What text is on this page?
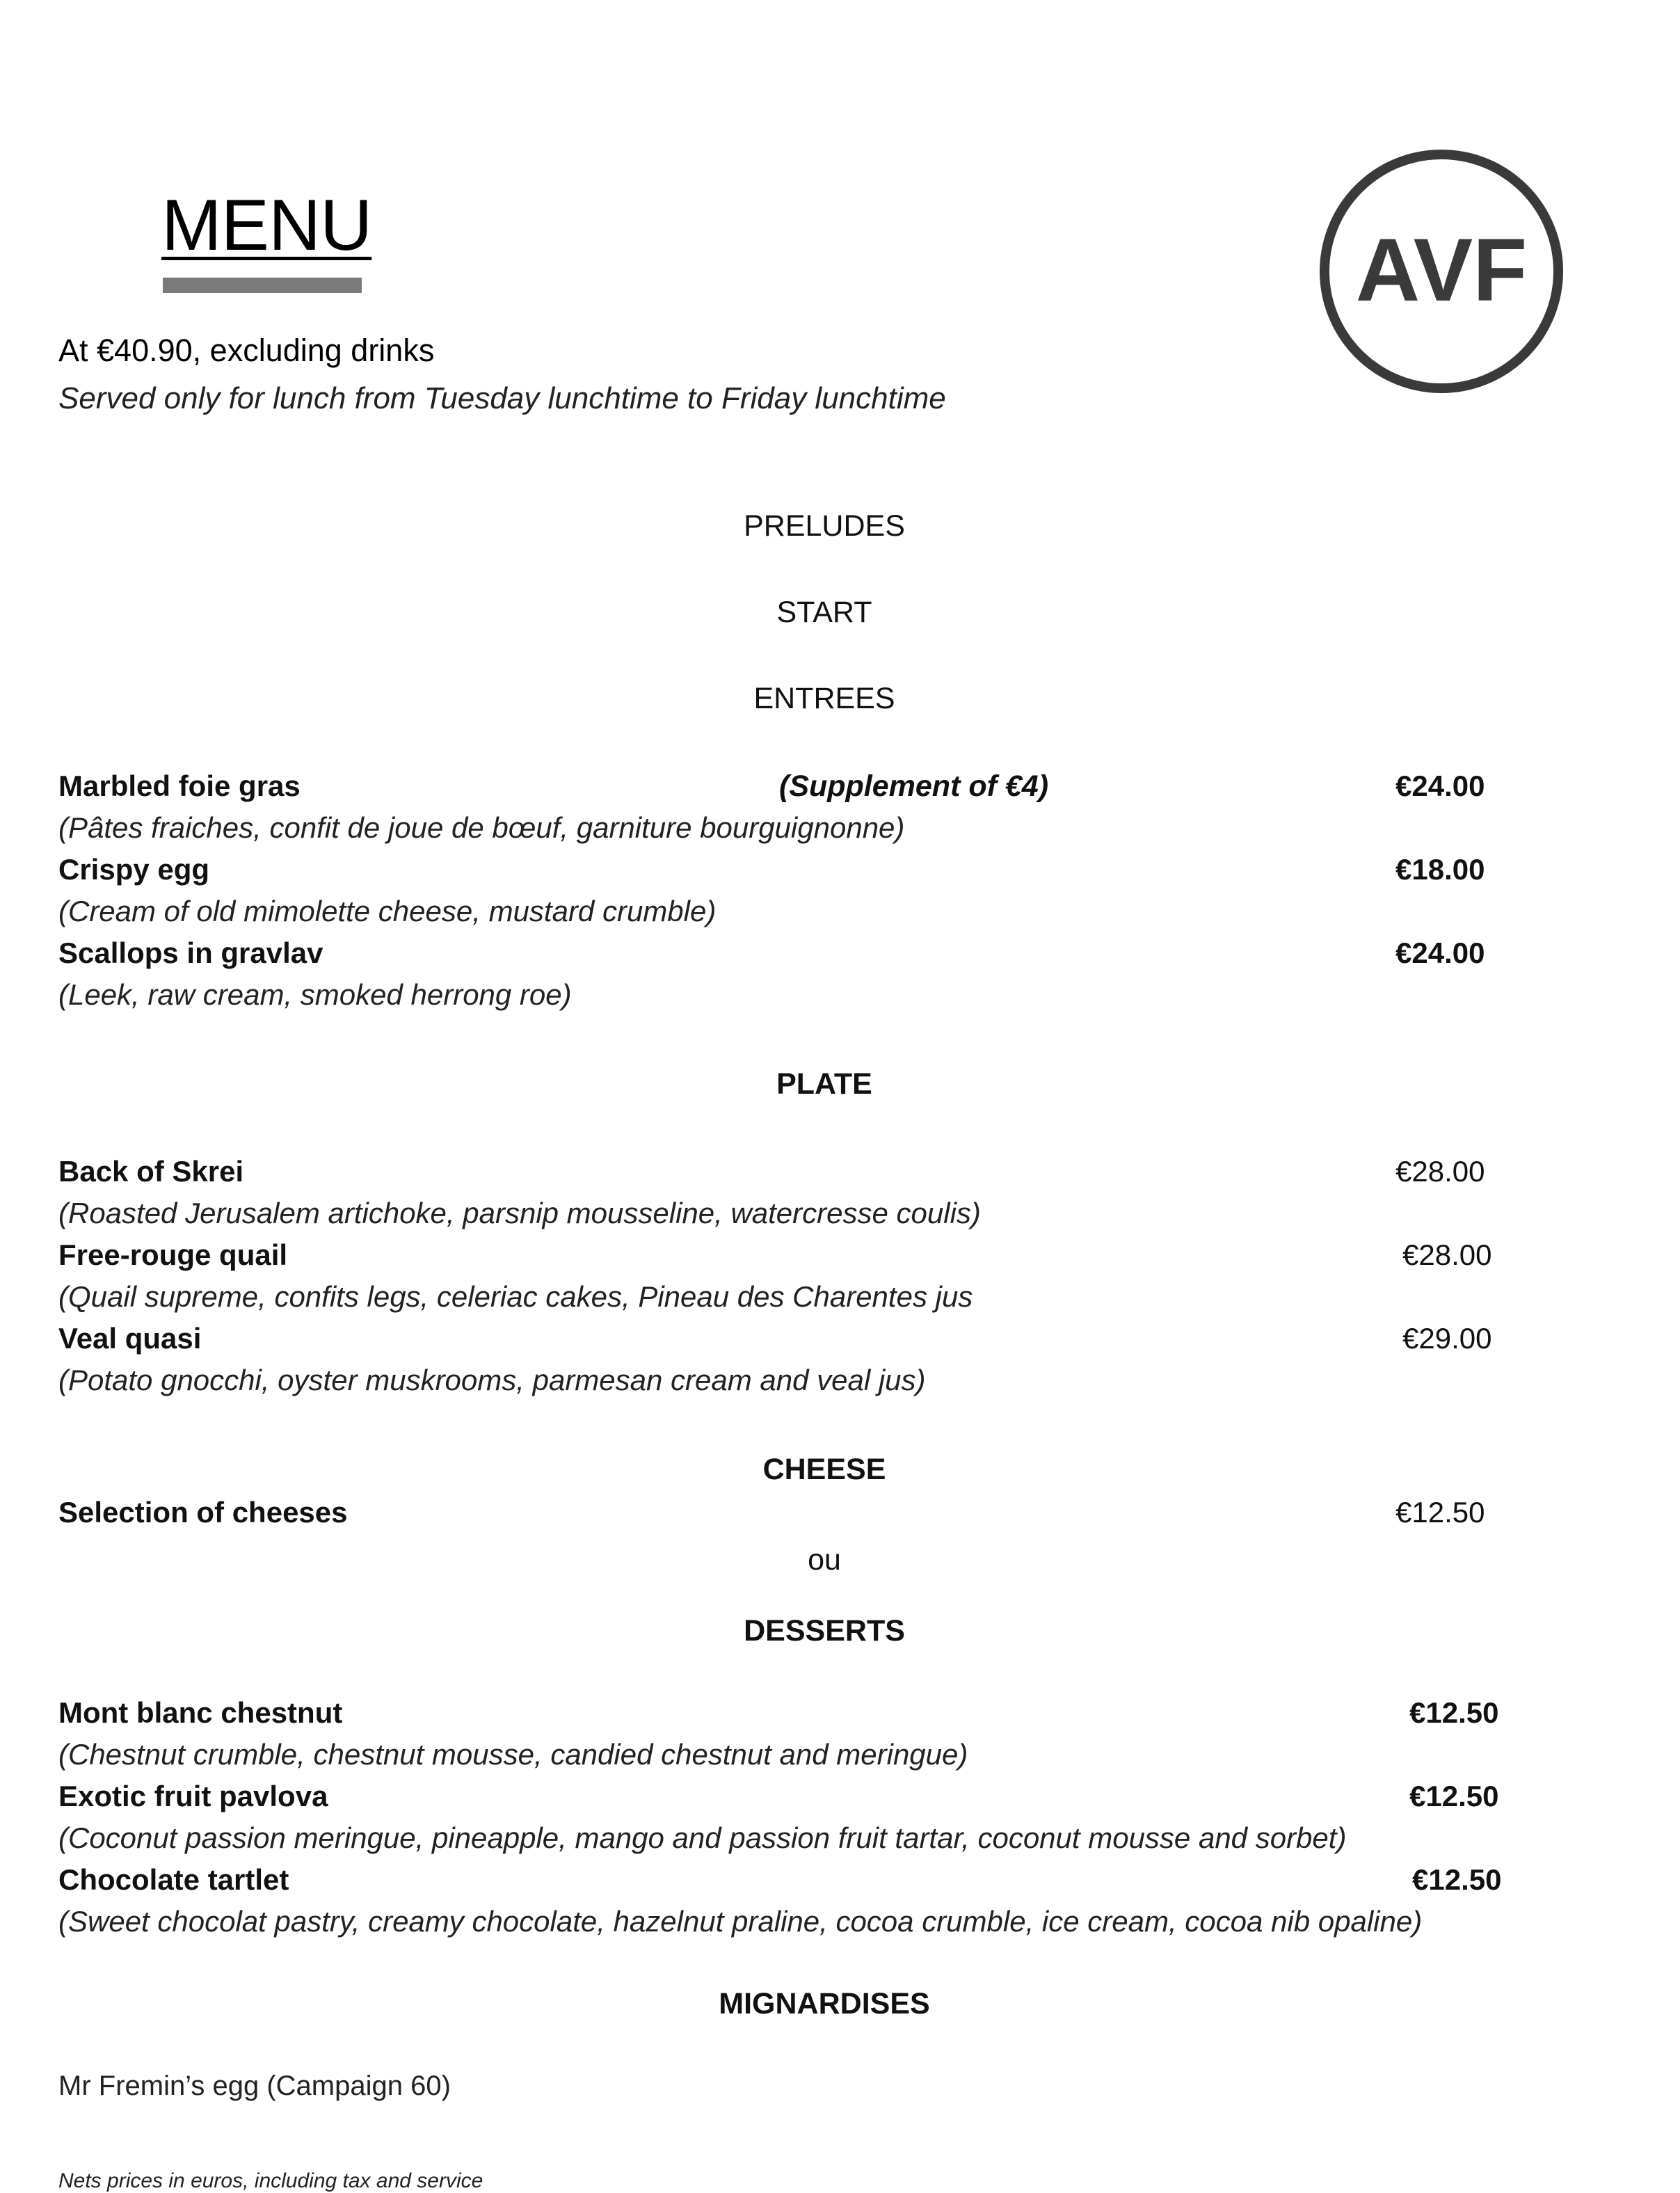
MENU	AVF
At €40.90, excluding drinks
Served only for lunch from Tuesday lunchtime to Friday lunchtime
PRELUDES
START
ENTREES
Marbled foie gras	(Supplement of €4)	€24.00
(Pâtes fraiches, confit de joue de bœuf, garniture bourguignonne)
Crispy egg	€18.00
(Cream of old mimolette cheese, mustard crumble)
Scallops in gravlav	€24.00
(Leek, raw cream, smoked herrong roe)
PLATE
Back of Skrei	€28.00
(Roasted Jerusalem artichoke, parsnip mousseline, watercresse coulis)
Free-rouge quail	€28.00
(Quail supreme, confits legs, celeriac cakes, Pineau des Charentes jus
Veal quasi	€29.00
(Potato gnocchi, oyster muskrooms, parmesan cream and veal jus)
CHEESE
Selection of cheeses	€12.50
ou
DESSERTS
Mont blanc chestnut	€12.50
(Chestnut crumble, chestnut mousse, candied chestnut and meringue)
Exotic fruit pavlova	€12.50
(Coconut passion meringue, pineapple, mango and passion fruit tartar, coconut mousse and sorbet)
Chocolate tartlet	€12.50
(Sweet chocolat pastry, creamy chocolate, hazelnut praline, cocoa crumble, ice cream, cocoa nib opaline)
MIGNARDISES
Mr Fremin’s egg (Campaign 60)
Nets prices in euros, including tax and service
